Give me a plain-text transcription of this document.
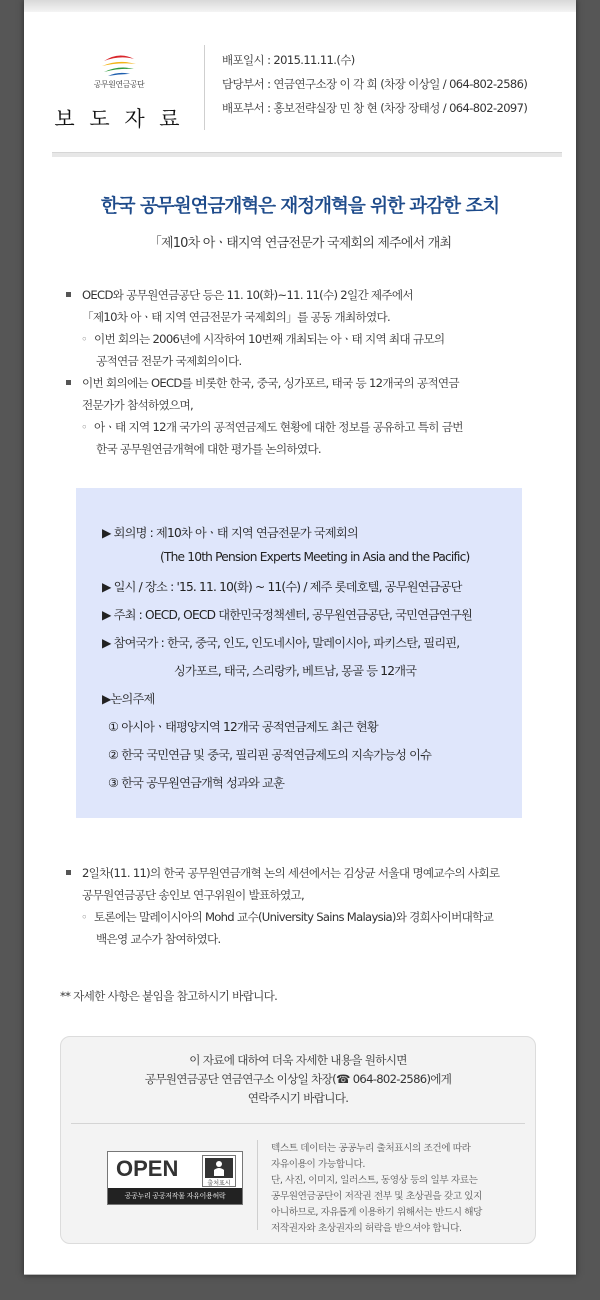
공무원연금공단
보 도 자 료
배포일시 : 2015.11.11.(수)
담당부서 : 연금연구소장 이 각 희 (차장 이상일 / 064-802-2586)
배포부서 : 홍보전략실장 민 창 현 (차장 장태성 / 064-802-2097)
한국 공무원연금개혁은 재정개혁을 위한 과감한 조치
「제10차 아ㆍ태지역 연금전문가 국제회의 제주에서 개최
OECD와 공무원연금공단 등은 11. 10(화)~11. 11(수) 2일간 제주에서
「제10차 아ㆍ태 지역 연금전문가 국제회의」를 공동 개최하였다.
◦ 이번 회의는 2006년에 시작하여 10번째 개최되는 아ㆍ태 지역 최대 규모의
공적연금 전문가 국제회의이다.
이번 회의에는 OECD를 비롯한 한국, 중국, 싱가포르, 태국 등 12개국의 공적연금
전문가가 참석하였으며,
◦ 아ㆍ태 지역 12개 국가의 공적연금제도 현황에 대한 정보를 공유하고 특히 금번
한국 공무원연금개혁에 대한 평가를 논의하였다.
▶ 회의명 : 제10차 아ㆍ태 지역 연금전문가 국제회의
(The 10th Pension Experts Meeting in Asia and the Pacific)
▶ 일시 / 장소 : '15. 11. 10(화) ~ 11(수) / 제주 롯데호텔, 공무원연금공단
▶ 주최 : OECD, OECD 대한민국정책센터, 공무원연금공단, 국민연금연구원
▶ 참여국가 : 한국, 중국, 인도, 인도네시아, 말레이시아, 파키스탄, 필리핀,
싱가포르, 태국, 스리랑카, 베트남, 몽골 등 12개국
▶논의주제
① 아시아ㆍ태평양지역 12개국 공적연금제도 최근 현황
② 한국 국민연금 및 중국, 필리핀 공적연금제도의 지속가능성 이슈
③ 한국 공무원연금개혁 성과와 교훈
2일차(11. 11)의 한국 공무원연금개혁 논의 세션에서는 김상균 서울대 명예교수의 사회로
공무원연금공단 송인보 연구위원이 발표하였고,
◦ 토론에는 말레이시아의 Mohd 교수(University Sains Malaysia)와 경희사이버대학교
백은영 교수가 참여하였다.
** 자세한 사항은 붙임을 참고하시기 바랍니다.
이 자료에 대하여 더욱 자세한 내용을 원하시면
공무원연금공단 연금연구소 이상일 차장(☎ 064-802-2586)에게
연락주시기 바랍니다.
OPEN
출처표시
공공누리 공공저작물 자유이용허락
텍스트 데이터는 공공누리 출처표시의 조건에 따라
자유이용이 가능합니다.
단, 사진, 이미지, 일러스트, 동영상 등의 일부 자료는
공무원연금공단이 저작권 전부 및 초상권을 갖고 있지
아니하므로, 자유롭게 이용하기 위해서는 반드시 해당
저작권자와 초상권자의 허락을 받으셔야 합니다.
